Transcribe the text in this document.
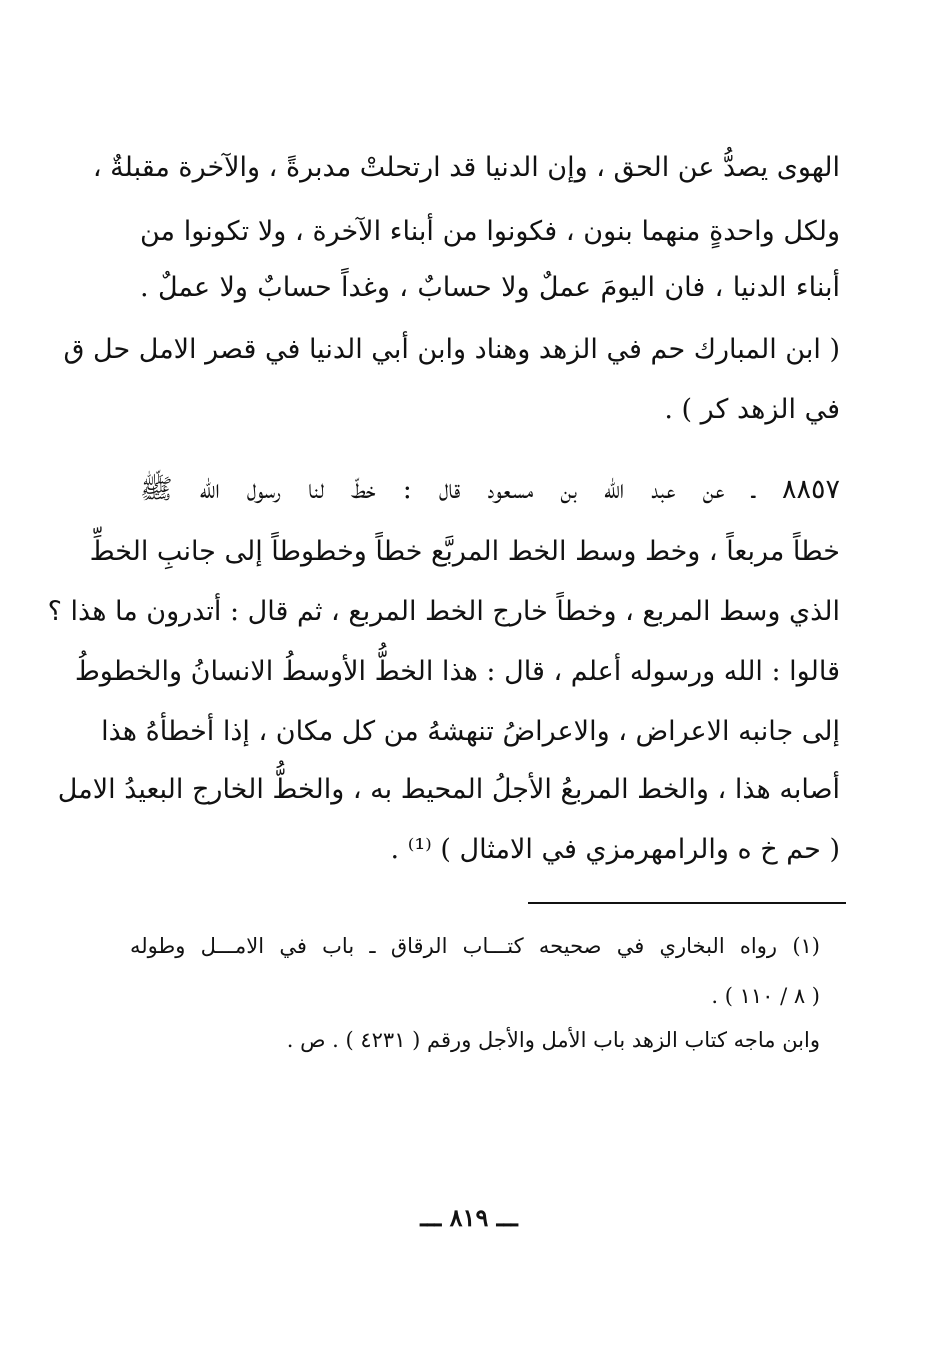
الهوى يصدُّ عن الحق ، وإن الدنيا قد ارتحلتْ مدبرةً ، والآخرة مقبلةٌ ،
ولكل واحدةٍ منهما بنون ، فكونوا من أبناء الآخرة ، ولا تكونوا من
أبناء الدنيا ، فان اليومَ عملٌ ولا حسابٌ ، وغداً حسابٌ ولا عملٌ .
( ابن المبارك حم في الزهد وهناد وابن أبي الدنيا في قصر الامل حل ق
في الزهد كر ) .
٨٨٥٧ ـ عن عبد الله بن مسعود قال : خطّ لنا رسول الله ﷺ
خطاً مربعاً ، وخط وسط الخط المربَّع خطاً وخطوطاً إلى جانبِ الخطِّ
الذي وسط المربع ، وخطاً خارج الخط المربع ، ثم قال : أتدرون ما هذا ؟
قالوا : الله ورسوله أعلم ، قال : هذا الخطُّ الأوسطُ الانسانُ والخطوطُ
إلى جانبه الاعراض ، والاعراضُ تنهشهُ من كل مكان ، إذا أخطأهُ هذا
أصابه هذا ، والخط المربعُ الأجلُ المحيط به ، والخطُّ الخارج البعيدُ الامل
( حم خ ه والرامهرمزي في الامثال ) ⁽¹⁾ .
(١) رواه البخاري في صحيحه كتـــاب الرقاق ـ باب في الامـــل وطوله
( ٨ / ١١٠ ) .
وابن ماجه كتاب الزهد باب الأمل والأجل ورقم ( ٤٢٣١ ) . ص .
ـــ ٨١٩ ـــ
